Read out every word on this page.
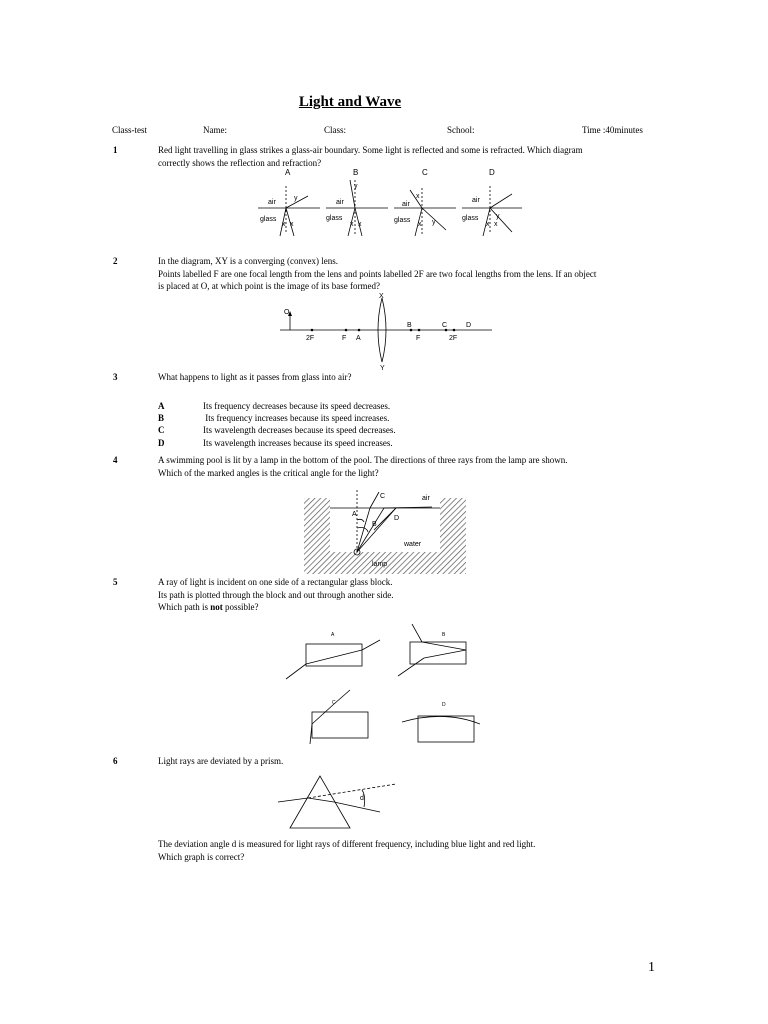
Light and Wave
Class-test	Name:	Class:	School:	Time :40minutes
1	Red light travelling in glass strikes a glass-air boundary. Some light is reflected and some is refracted. Which diagram
correctly shows the reflection and refraction?
A	B	C	D
air
glass
y
x x
air
glass
y
x x
air
glass
x
x y
air
glass	y
x x
2	In the diagram, XY is a converging (convex) lens.
Points labelled F are one focal length from the lens and points labelled 2F are two focal lengths from the lens. If an object
is placed at O, at which point is the image of its base formed?
O
X
Y
2F	F A
B
F
C
2F
D
3	What happens to light as it passes from glass into air?
A	Its frequency decreases because its speed decreases.
B	Its frequency increases because its speed increases.
C	Its wavelength decreases because its speed decreases.
D	Its wavelength increases because its speed increases.
4	A swimming pool is lit by a lamp in the bottom of the pool. The directions of three rays from the lamp are shown.
Which of the marked angles is the critical angle for the light?
air
water
lamp
A
B
C
D
5	A ray of light is incident on one side of a rectangular glass block.
Its path is plotted through the block and out through another side.
Which path is not possible?
A	B
C	D
6	Light rays are deviated by a prism.
d
The deviation angle d is measured for light rays of different frequency, including blue light and red light.
Which graph is correct?
1
